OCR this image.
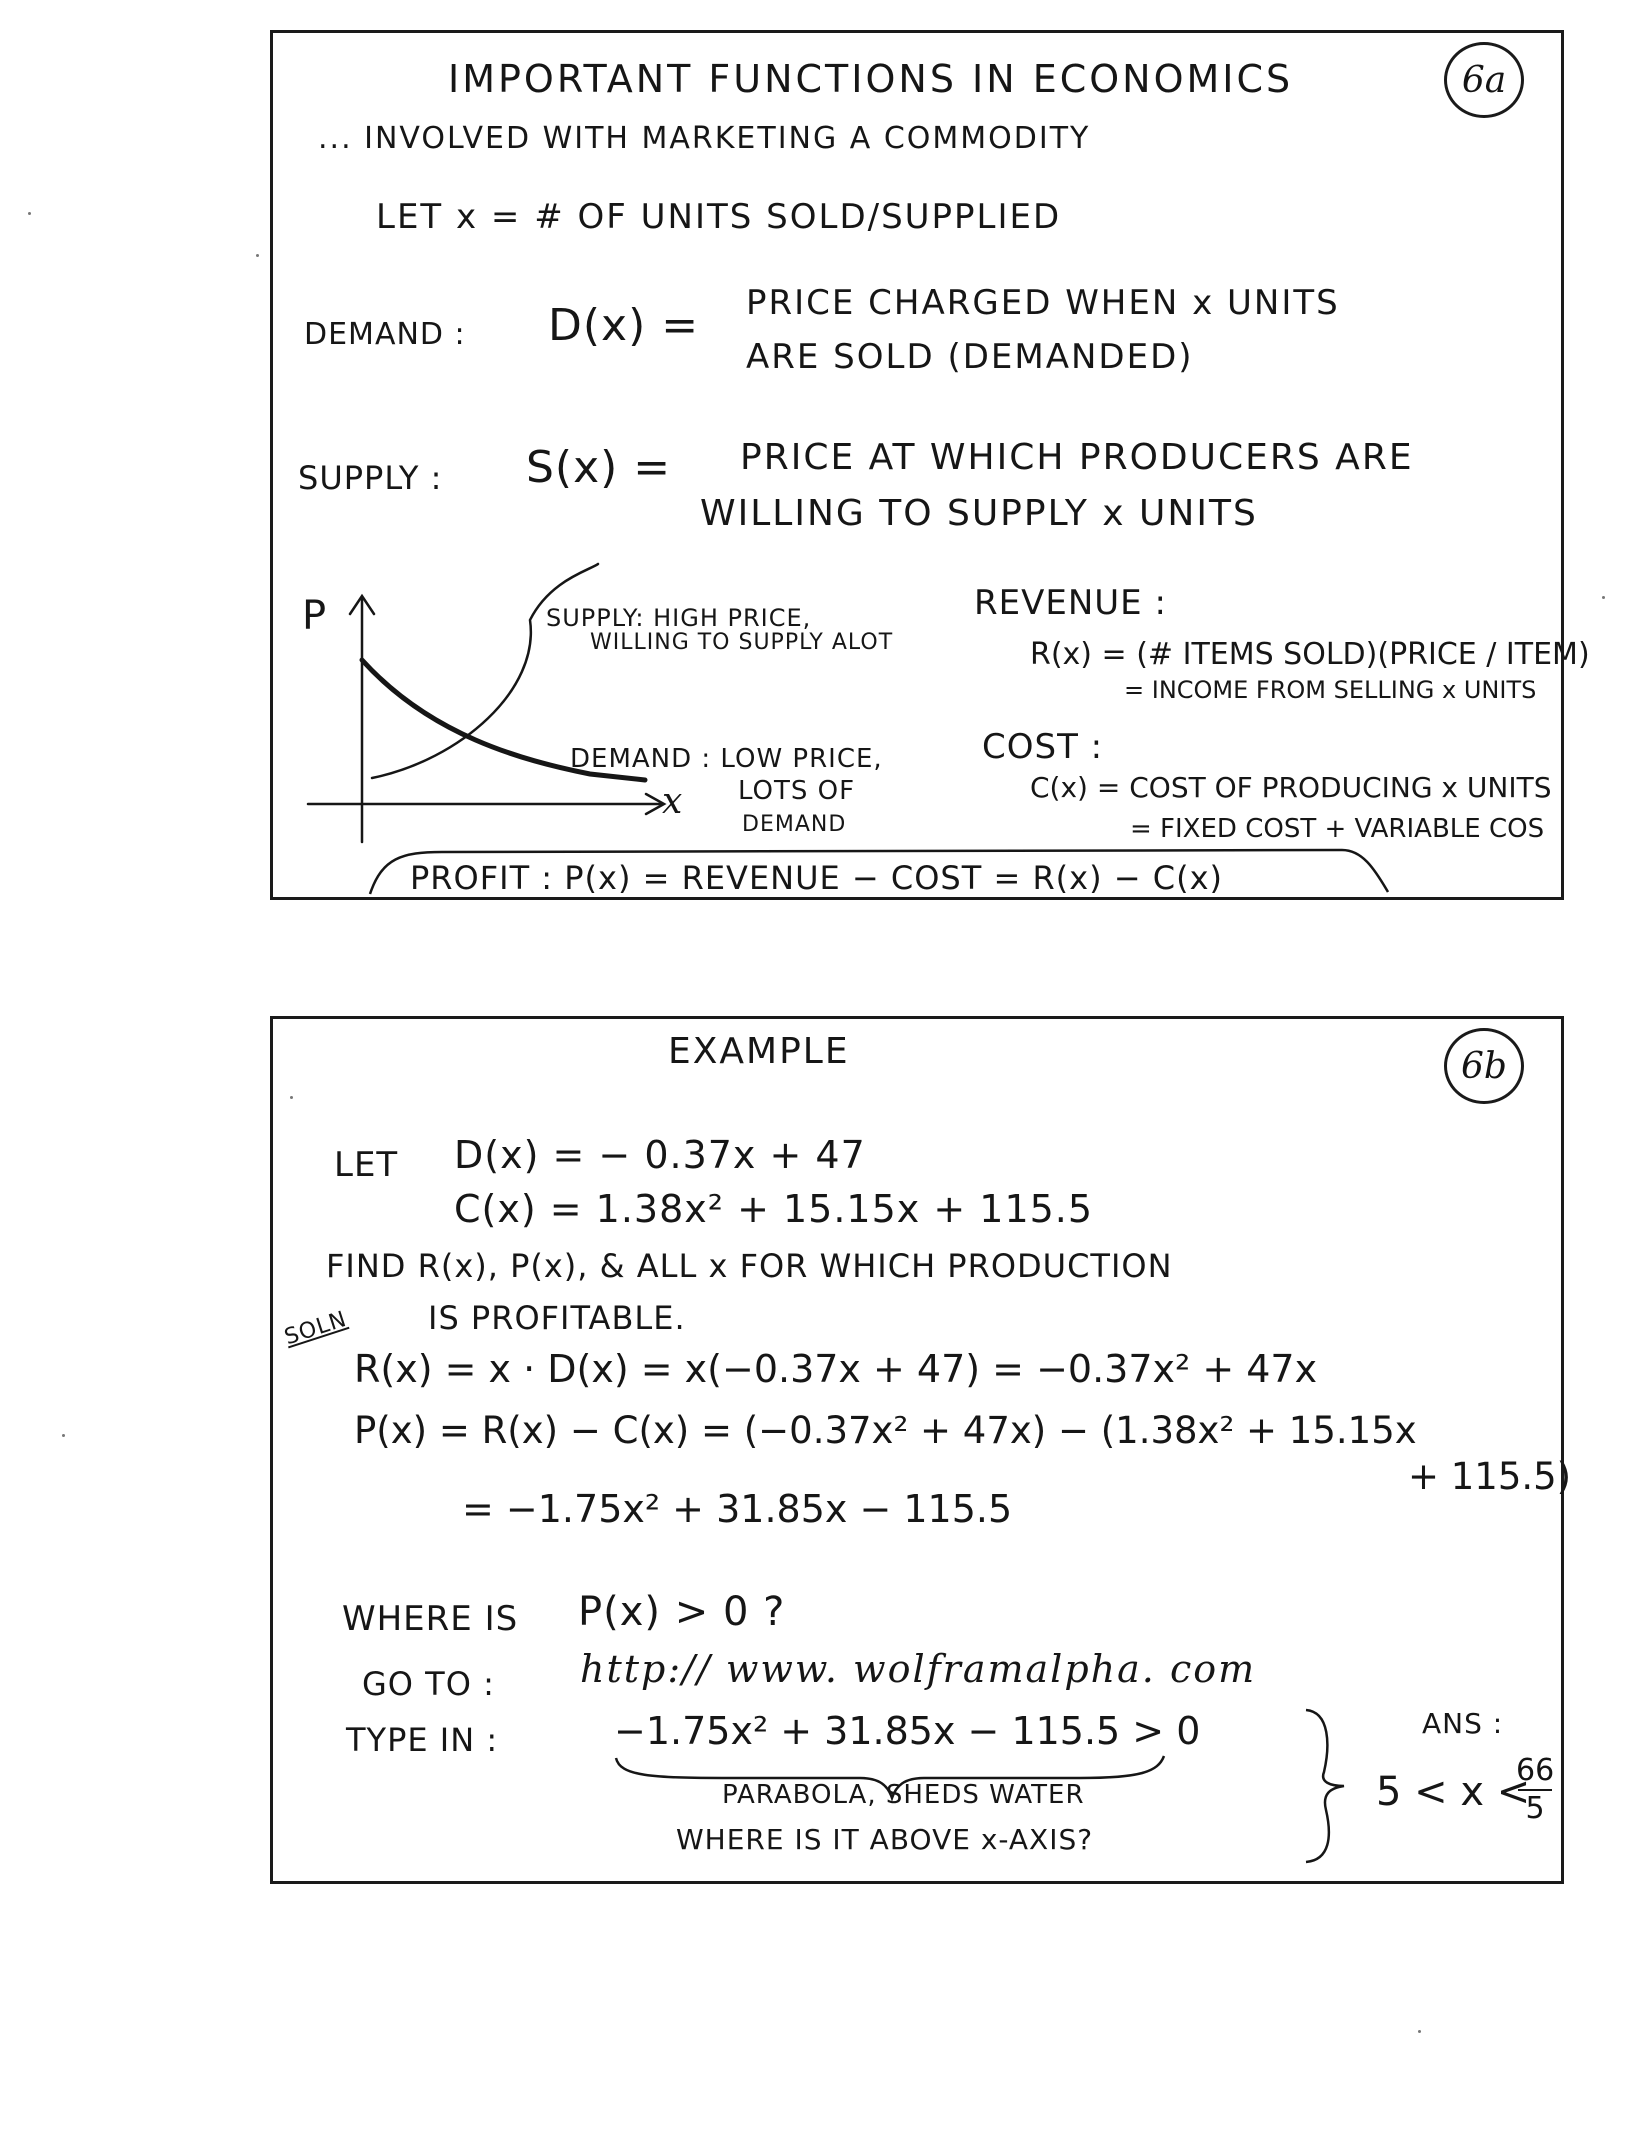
6a
IMPORTANT FUNCTIONS IN ECONOMICS
... INVOLVED WITH MARKETING A COMMODITY
LET x = # OF UNITS SOLD/SUPPLIED
DEMAND : D(x) = PRICE CHARGED WHEN x UNITS
ARE SOLD (DEMANDED)
SUPPLY : S(x) = PRICE AT WHICH PRODUCERS ARE
WILLING TO SUPPLY x UNITS
P
x
SUPPLY: HIGH PRICE,
WILLING TO SUPPLY ALOT
DEMAND : LOW PRICE,
LOTS OF
DEMAND
REVENUE :
R(x) = (# ITEMS SOLD)(PRICE / ITEM)
= INCOME FROM SELLING x UNITS
COST :
C(x) = COST OF PRODUCING x UNITS
= FIXED COST + VARIABLE COS
PROFIT : P(x) = REVENUE − COST = R(x) − C(x)
6b
EXAMPLE
LET D(x) = − 0.37x + 47
C(x) = 1.38x² + 15.15x + 115.5
FIND R(x), P(x), & ALL x FOR WHICH PRODUCTION
IS PROFITABLE.
SOLN
R(x) = x · D(x) = x(−0.37x + 47) = −0.37x² + 47x
P(x) = R(x) − C(x) = (−0.37x² + 47x) − (1.38x² + 15.15x
+ 115.5)
= −1.75x² + 31.85x − 115.5
WHERE IS P(x) > 0 ?
GO TO : http:// www. wolframalpha. com
TYPE IN :	−1.75x² + 31.85x − 115.5 > 0
PARABOLA, SHEDS WATER
WHERE IS IT ABOVE x-AXIS?
ANS :
5 < x <
66
5
